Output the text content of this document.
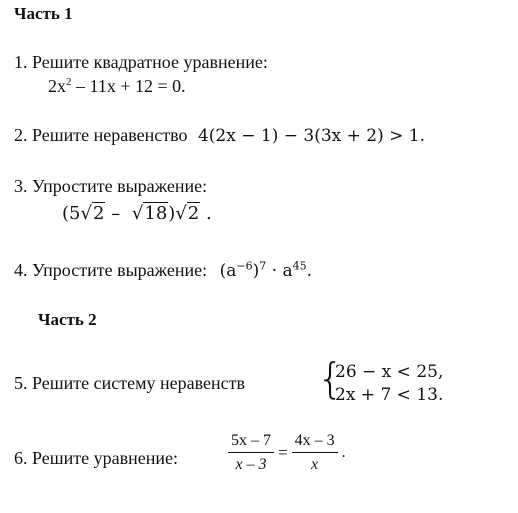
Часть 1
1. Решите квадратное уравнение:
$2x^2 - 11x + 12 = 0$.
2. Решите неравенство 4(2x − 1) − 3(3x + 2) > 1.
3. Упростите выражение:
(5√2 – √18)√2 .
4. Упростите выражение: $(a^{-6})^7 \cdot a^{45}$.
Часть 2
5. Решите систему неравенств {
26 − x < 25,
2x + 7 < 13.
6. Решите уравнение:	$\frac{5x - 7}{x - 3} = \frac{4x - 3}{x}$ .
